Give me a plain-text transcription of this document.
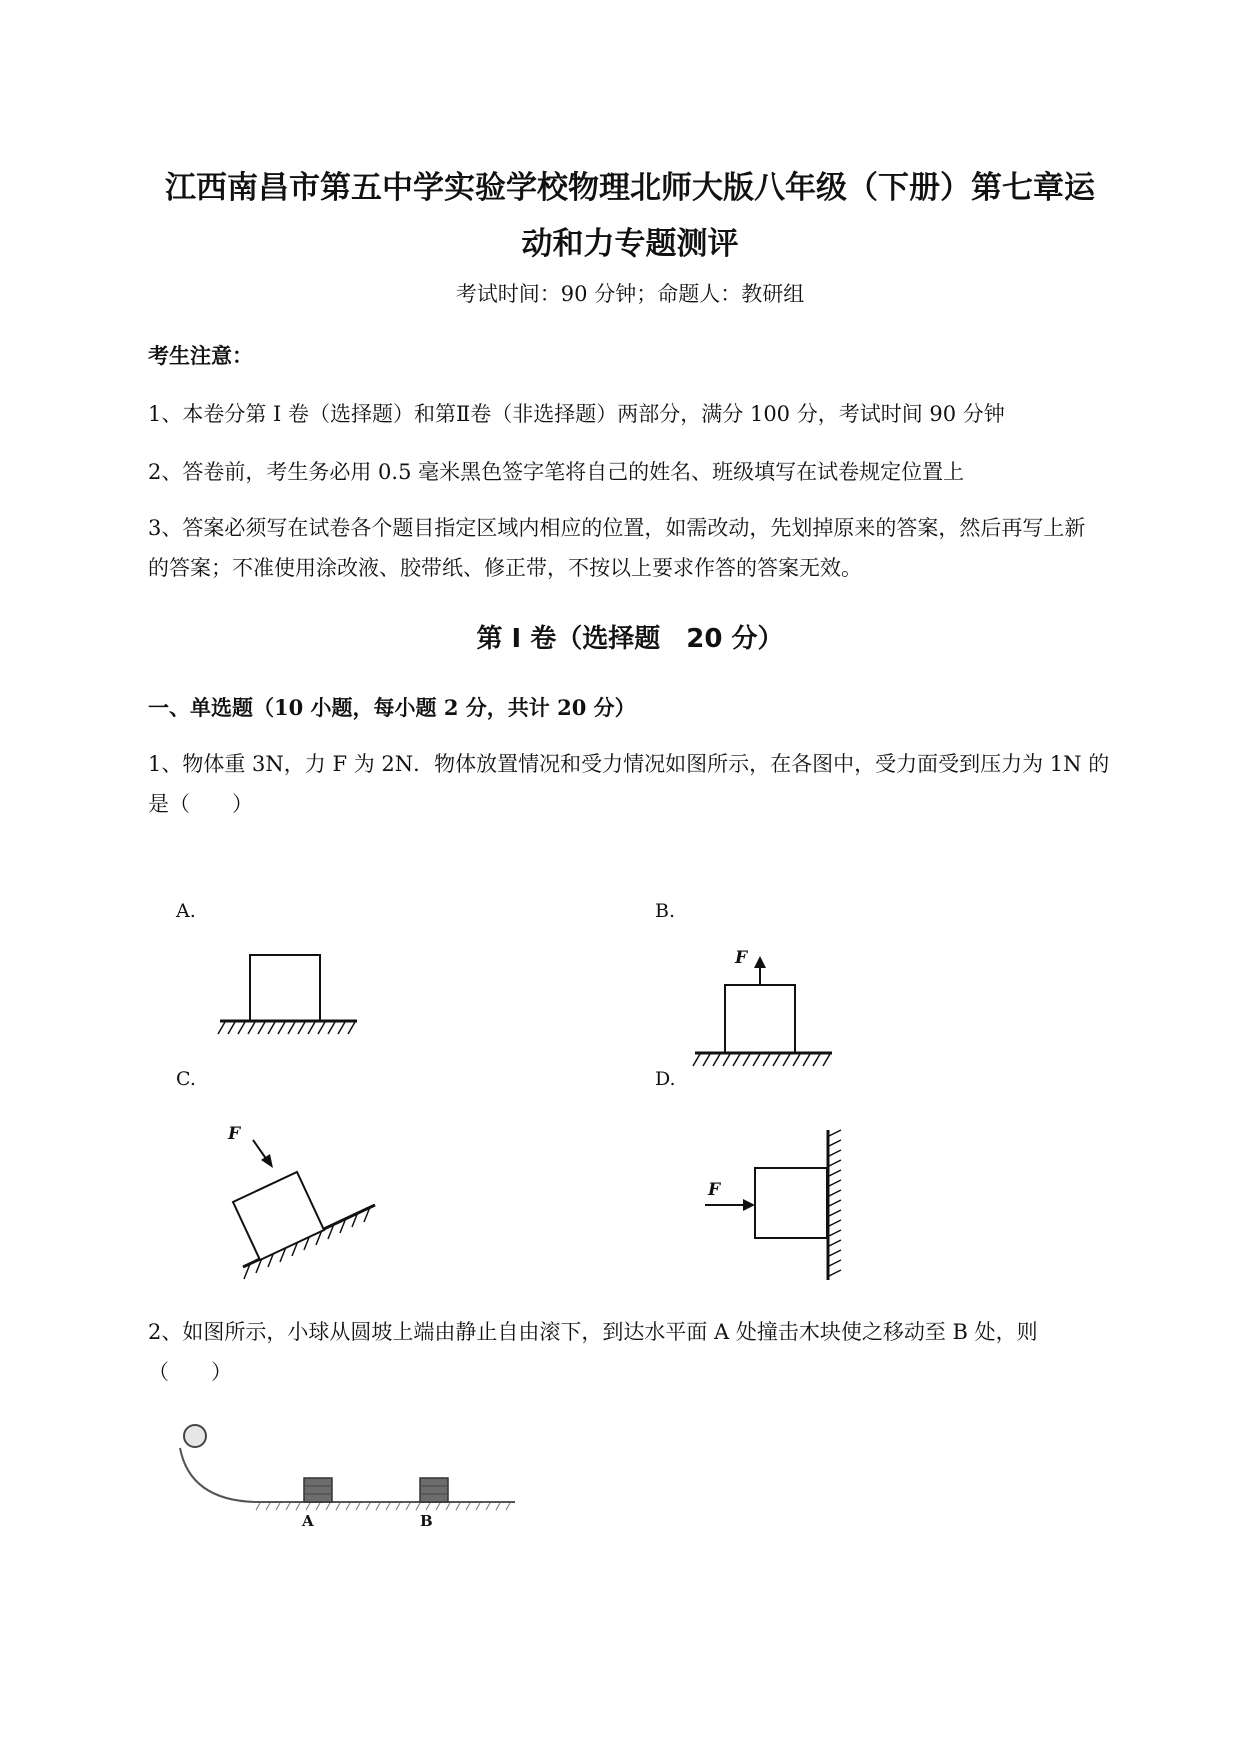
江西南昌市第五中学实验学校物理北师大版八年级（下册）第七章运
动和力专题测评
考试时间：90 分钟；命题人：教研组
考生注意：
1、本卷分第 I 卷（选择题）和第Ⅱ卷（非选择题）两部分，满分 100 分，考试时间 90 分钟
2、答卷前，考生务必用 0.5 毫米黑色签字笔将自己的姓名、班级填写在试卷规定位置上
3、答案必须写在试卷各个题目指定区域内相应的位置，如需改动，先划掉原来的答案，然后再写上新
的答案；不准使用涂改液、胶带纸、修正带，不按以上要求作答的答案无效。
第 I 卷（选择题　20 分）
一、单选题（10 小题，每小题 2 分，共计 20 分）
1、物体重 3N，力 F 为 2N．物体放置情况和受力情况如图所示，在各图中，受力面受到压力为 1N 的
是（　　）
A.	B.
C.	D.
F
F
F
2、如图所示，小球从圆坡上端由静止自由滚下，到达水平面 A 处撞击木块使之移动至 B 处，则
（　　）
A	B
